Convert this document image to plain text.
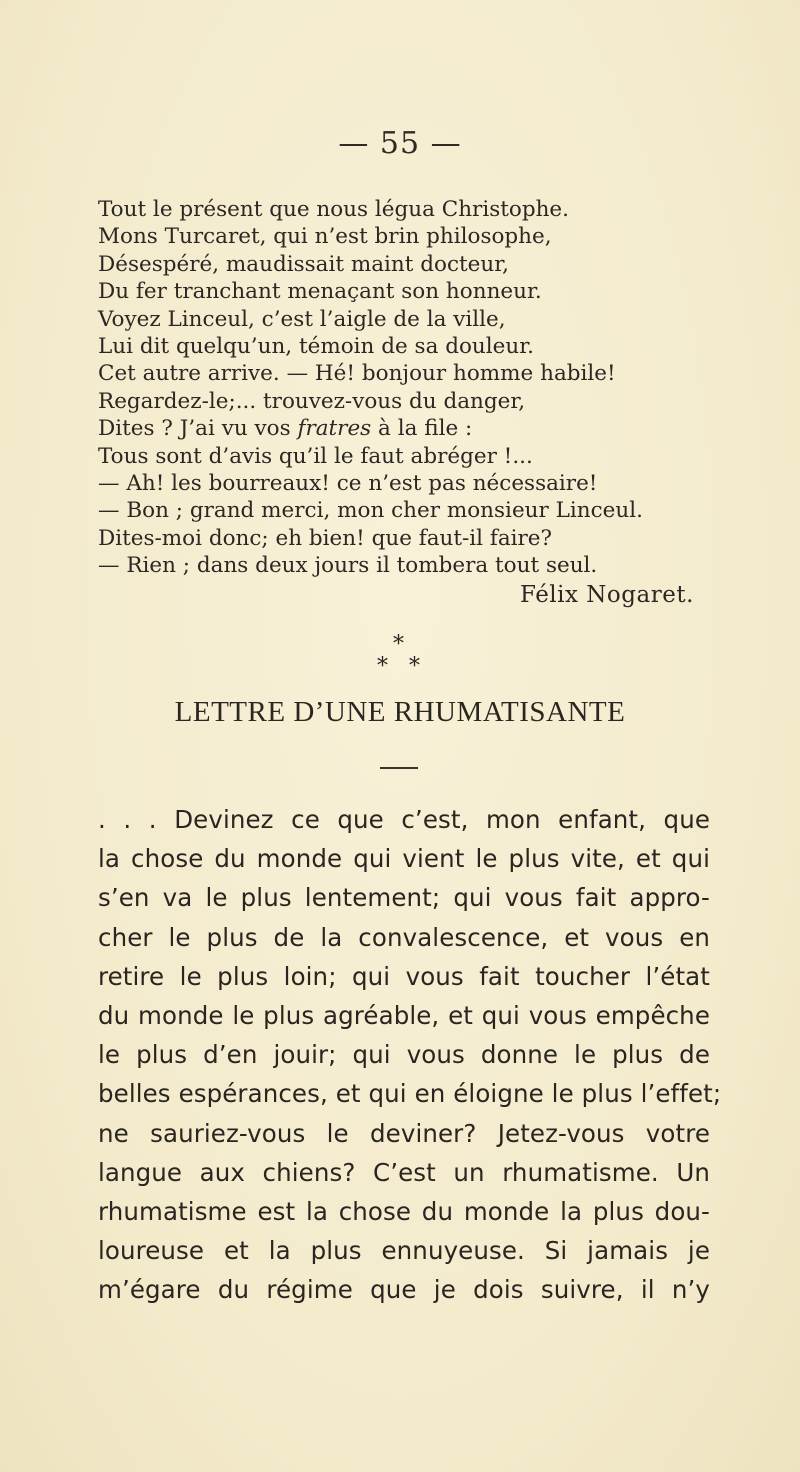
— 55 —
Tout le présent que nous légua Christophe.
Mons Turcaret, qui n’est brin philosophe,
Désespéré, maudissait maint docteur,
Du fer tranchant menaçant son honneur.
Voyez Linceul, c’est l’aigle de la ville,
Lui dit quelqu’un, témoin de sa douleur.
Cet autre arrive. — Hé! bonjour homme habile!
Regardez-le;... trouvez-vous du danger,
Dites ? J’ai vu vos fratres à la file :
Tous sont d’avis qu’il le faut abréger !...
— Ah! les bourreaux! ce n’est pas nécessaire!
— Bon ; grand merci, mon cher monsieur Linceul.
Dites-moi donc; eh bien! que faut-il faire?
— Rien ; dans deux jours il tombera tout seul.
Félix Nogaret.
*
* *
LETTRE D’UNE RHUMATISANTE
. . . Devinez ce que c’est, mon enfant, que
la chose du monde qui vient le plus vite, et qui
s’en va le plus lentement; qui vous fait appro-
cher le plus de la convalescence, et vous en
retire le plus loin; qui vous fait toucher l’état
du monde le plus agréable, et qui vous empêche
le plus d’en jouir; qui vous donne le plus de
belles espérances, et qui en éloigne le plus l’effet;
ne sauriez-vous le deviner? Jetez-vous votre
langue aux chiens? C’est un rhumatisme. Un
rhumatisme est la chose du monde la plus dou-
loureuse et la plus ennuyeuse. Si jamais je
m’égare du régime que je dois suivre, il n’y
